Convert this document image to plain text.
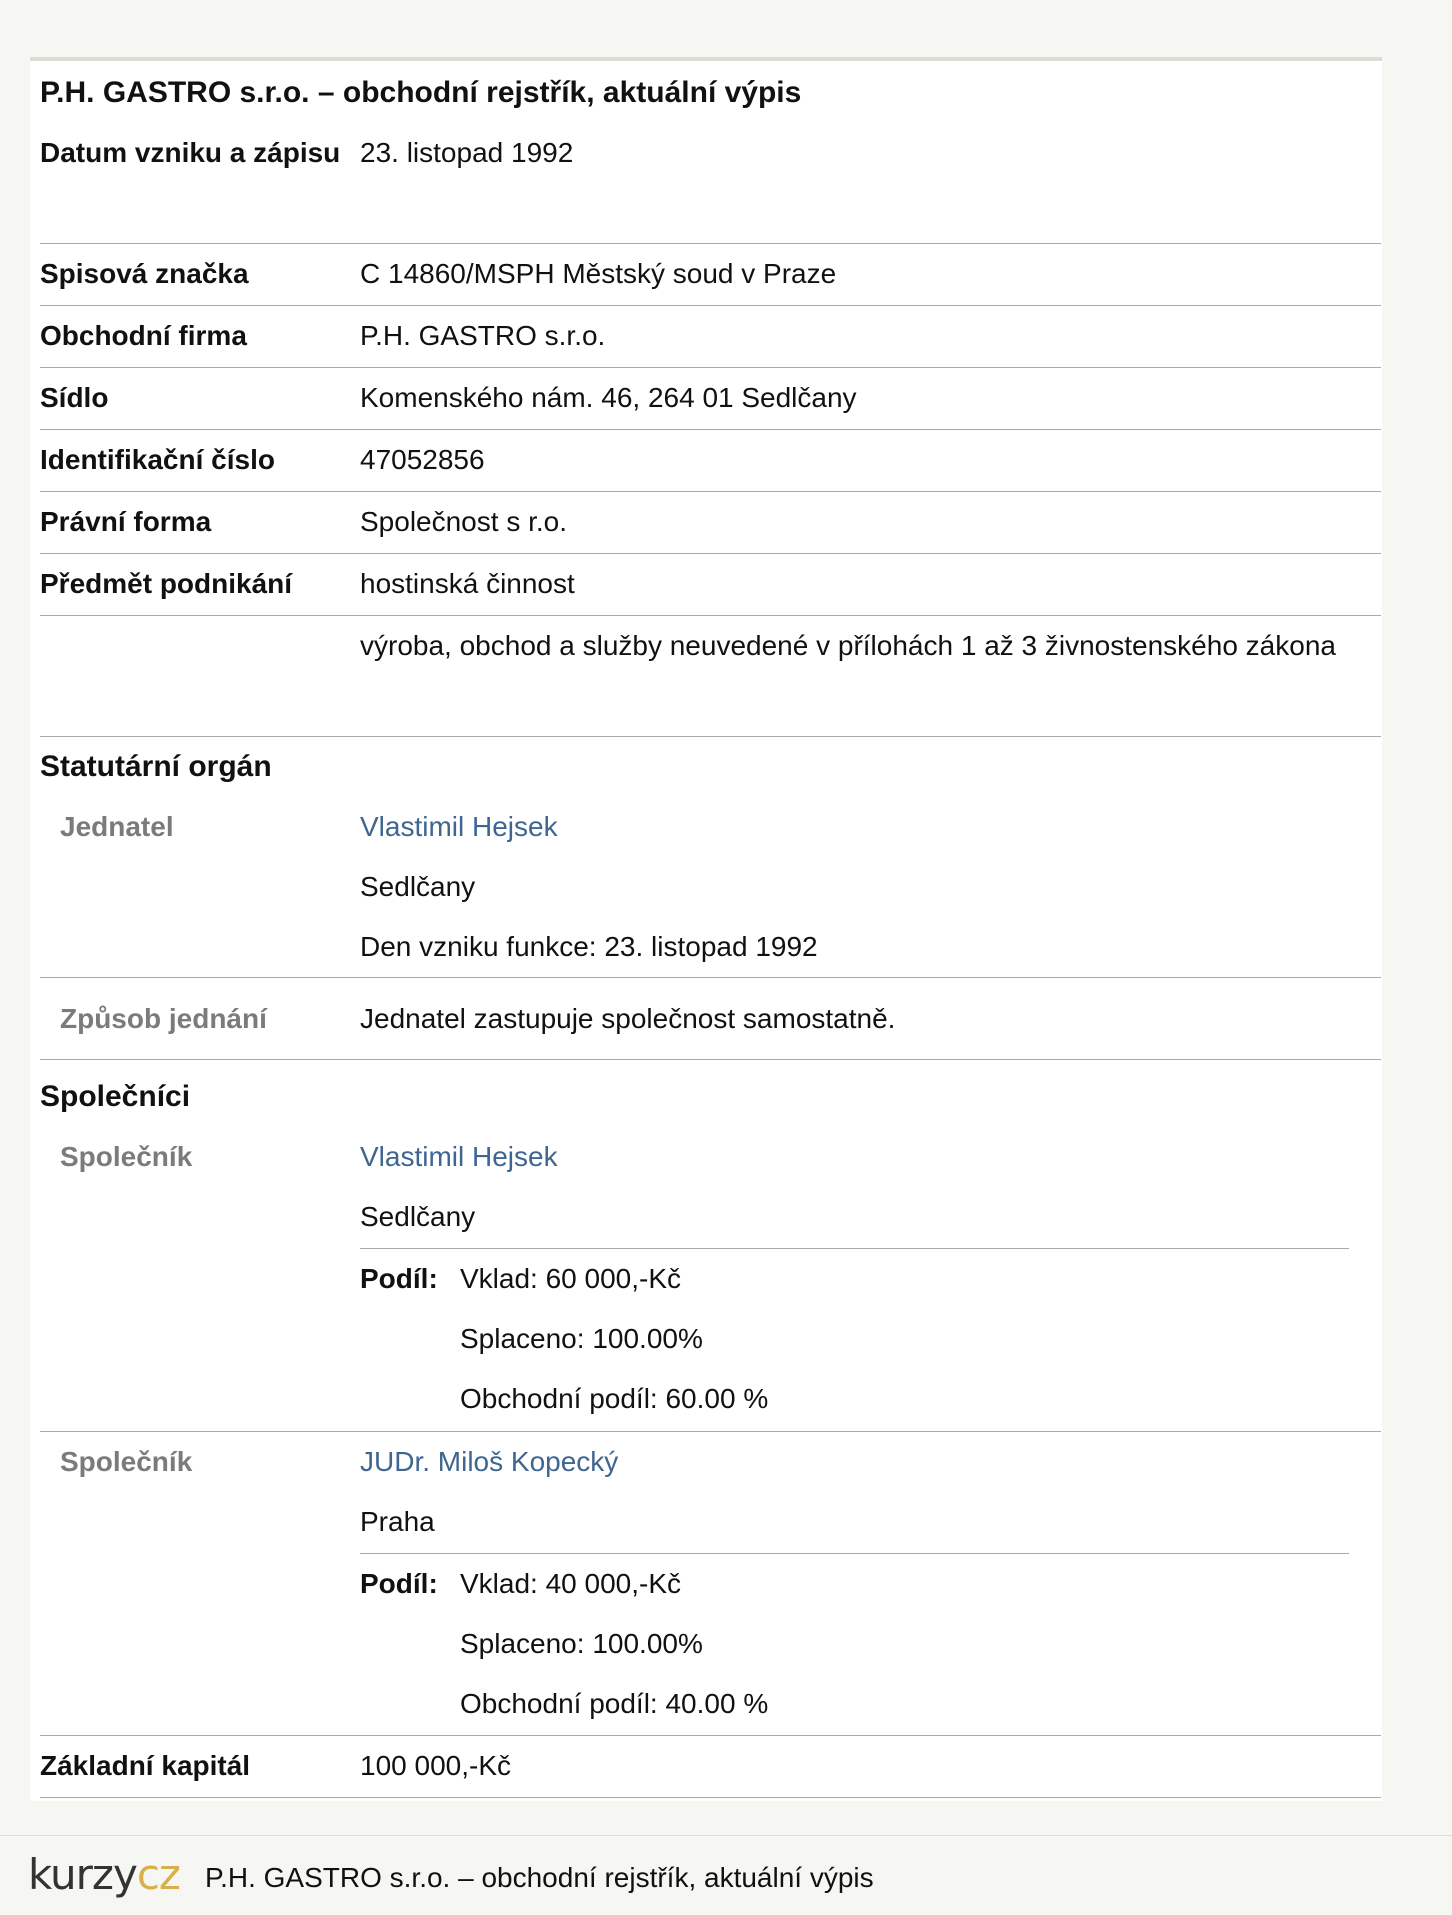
P.H. GASTRO s.r.o. – obchodní rejstřík, aktuální výpis
Datum vzniku a zápisu 23. listopad 1992
Spisová značka	C 14860/MSPH Městský soud v Praze
Obchodní firma	P.H. GASTRO s.r.o.
Sídlo	Komenského nám. 46, 264 01 Sedlčany
Identifikační číslo	47052856
Právní forma	Společnost s r.o.
Předmět podnikání	hostinská činnost
výroba, obchod a služby neuvedené v přílohách 1 až 3 živnostenského zákona
Statutární orgán
Jednatel	Vlastimil Hejsek
Sedlčany
Den vzniku funkce: 23. listopad 1992
Způsob jednání	Jednatel zastupuje společnost samostatně.
Společníci
Společník	Vlastimil Hejsek
Sedlčany
Podíl: Vklad: 60 000,-Kč
Splaceno: 100.00%
Obchodní podíl: 60.00 %
Společník	JUDr. Miloš Kopecký
Praha
Podíl: Vklad: 40 000,-Kč
Splaceno: 100.00%
Obchodní podíl: 40.00 %
Základní kapitál	100 000,-Kč
kurzycz P.H. GASTRO s.r.o. – obchodní rejstřík, aktuální výpis
